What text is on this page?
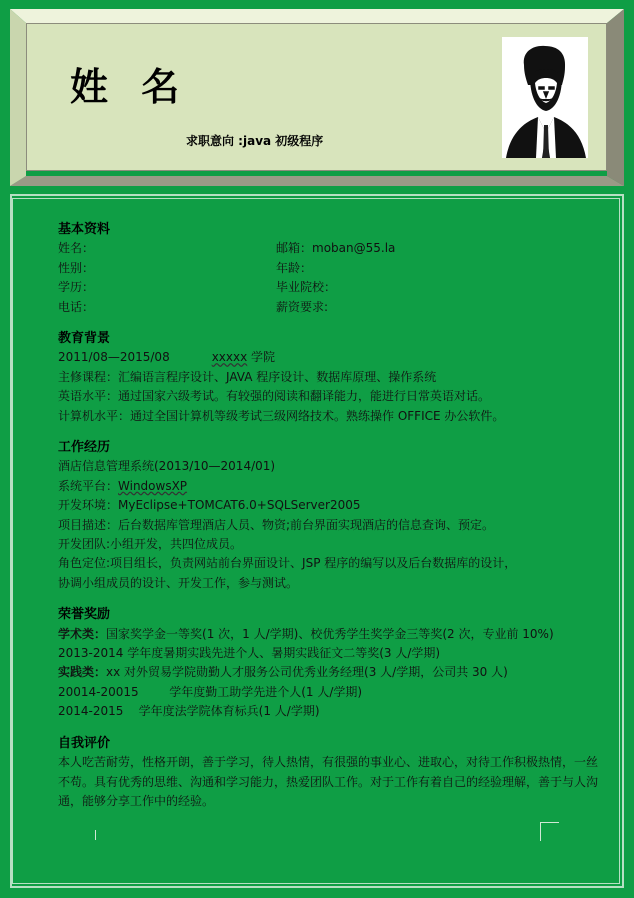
姓 名
求职意向 :java 初级程序
基本资料
姓名：	邮箱：moban@55.la
性别：	年龄：
学历：	毕业院校：
电话：	薪资要求:
教育背景
2011/08—2015/08	xxxxx 学院
主修课程：汇编语言程序设计、JAVA 程序设计、数据库原理、操作系统
英语水平：通过国家六级考试。有较强的阅读和翻译能力，能进行日常英语对话。
计算机水平：通过全国计算机等级考试三级网络技术。熟练操作 OFFICE 办公软件。
工作经历
酒店信息管理系统(2013/10—2014/01)
系统平台：WindowsXP
开发环境：MyEclipse+TOMCAT6.0+SQLServer2005
项目描述：后台数据库管理酒店人员、物资;前台界面实现酒店的信息查询、预定。
开发团队:小组开发，共四位成员。
角色定位:项目组长，负责网站前台界面设计、JSP 程序的编写以及后台数据库的设计，
协调小组成员的设计、开发工作，参与测试。
荣誉奖励
学术类：国家奖学金一等奖(1 次，1 人/学期)、校优秀学生奖学金三等奖(2 次，专业前 10%)
2013-2014 学年度暑期实践先进个人、暑期实践征文二等奖(3 人/学期)
实践类：xx 对外贸易学院勋勤人才服务公司优秀业务经理(3 人/学期，公司共 30 人)
20014-20015        学年度勤工助学先进个人(1 人/学期)
2014-2015    学年度法学院体育标兵(1 人/学期)
自我评价
本人吃苦耐劳，性格开朗，善于学习，待人热情，有很强的事业心、进取心，对待工作积极热情，一丝不苟。具有优秀的思维、沟通和学习能力，热爱团队工作。对于工作有着自己的经验理解，善于与人沟通，能够分享工作中的经验。
